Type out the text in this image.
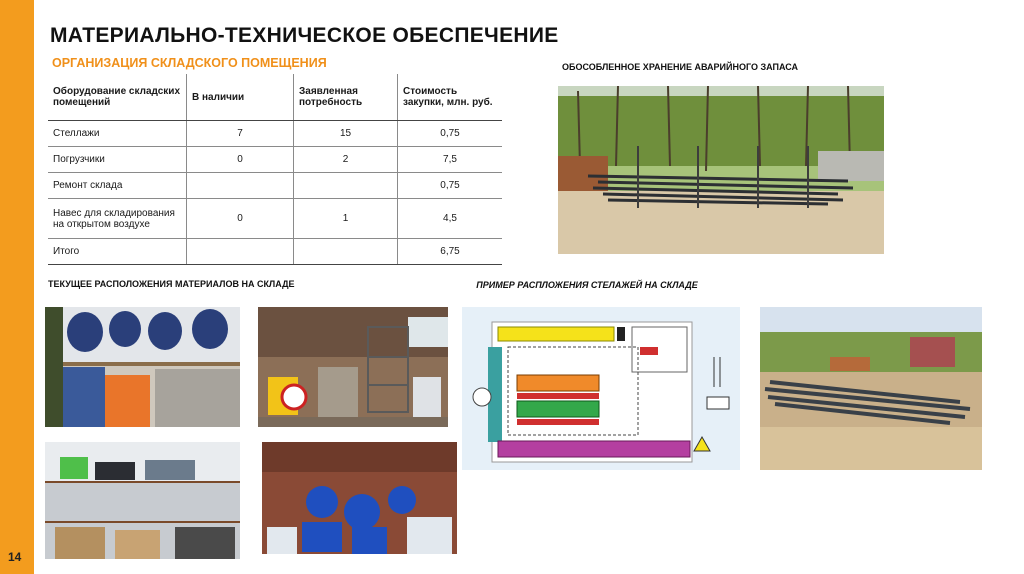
14
МАТЕРИАЛЬНО-ТЕХНИЧЕСКОЕ ОБЕСПЕЧЕНИЕ
ОРГАНИЗАЦИЯ СКЛАДСКОГО ПОМЕЩЕНИЯ
Оборудование складских помещений	В наличии	Заявленная потребность	Стоимость закупки, млн. руб.
Стеллажи	7	15	0,75
Погрузчики	0	2	7,5
Ремонт склада			0,75
Навес для складирования на открытом воздухе	0	1	4,5
Итого			6,75
ОБОСОБЛЕННОЕ ХРАНЕНИЕ АВАРИЙНОГО ЗАПАСА
ТЕКУЩЕЕ РАСПОЛОЖЕНИЯ МАТЕРИАЛОВ НА СКЛАДЕ	ПРИМЕР РАСПЛОЖЕНИЯ СТЕЛАЖЕЙ НА СКЛАДЕ
